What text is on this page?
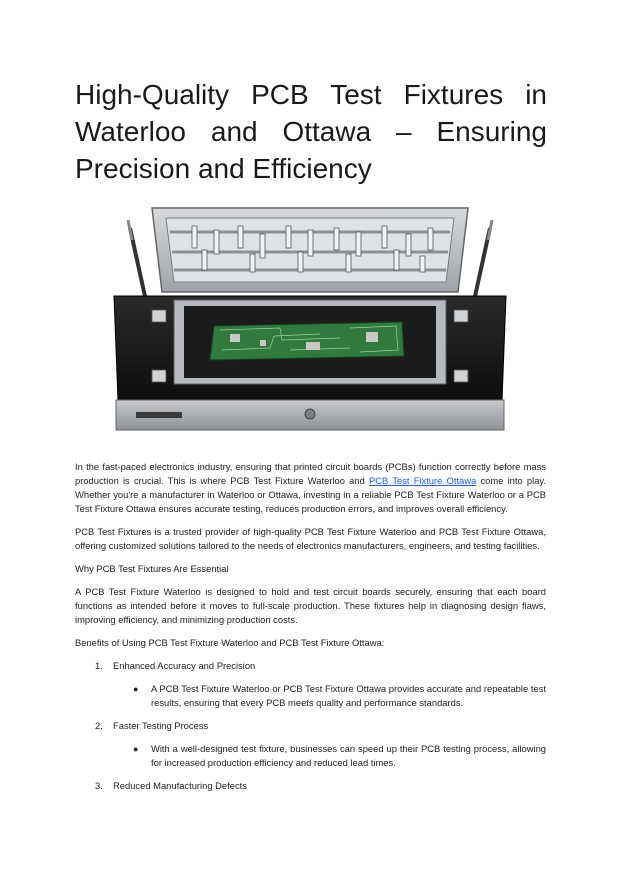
High-Quality PCB Test Fixtures in Waterloo and Ottawa – Ensuring Precision and Efficiency

In the fast-paced electronics industry, ensuring that printed circuit boards (PCBs) function correctly before mass production is crucial. This is where PCB Test Fixture Waterloo and PCB Test Fixture Ottawa come into play. Whether you're a manufacturer in Waterloo or Ottawa, investing in a reliable PCB Test Fixture Waterloo or a PCB Test Fixture Ottawa ensures accurate testing, reduces production errors, and improves overall efficiency.

PCB Test Fixtures is a trusted provider of high-quality PCB Test Fixture Waterloo and PCB Test Fixture Ottawa, offering customized solutions tailored to the needs of electronics manufacturers, engineers, and testing facilities.

Why PCB Test Fixtures Are Essential

A PCB Test Fixture Waterloo is designed to hold and test circuit boards securely, ensuring that each board functions as intended before it moves to full-scale production. These fixtures help in diagnosing design flaws, improving efficiency, and minimizing production costs.

Benefits of Using PCB Test Fixture Waterloo and PCB Test Fixture Ottawa:

1.	Enhanced Accuracy and Precision
●	A PCB Test Fixture Waterloo or PCB Test Fixture Ottawa provides accurate and repeatable test results, ensuring that every PCB meets quality and performance standards.
2.	Faster Testing Process
●	With a well-designed test fixture, businesses can speed up their PCB testing process, allowing for increased production efficiency and reduced lead times.
3.	Reduced Manufacturing Defects
